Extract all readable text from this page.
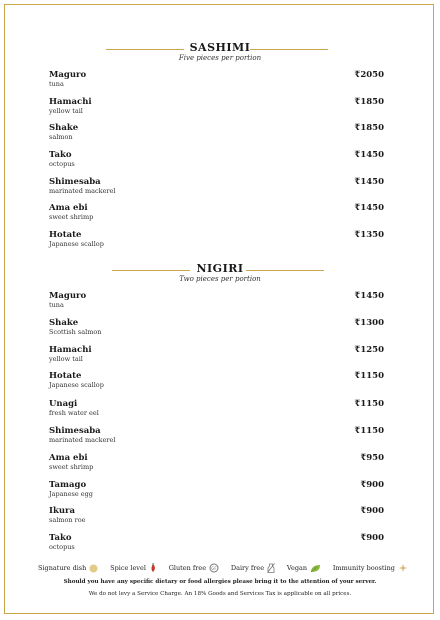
SASHIMI
Five pieces per portion
Maguro
tuna
₹2050
Hamachi
yellow tail
₹1850
Shake
salmon
₹1850
Tako
octopus
₹1450
Shimesaba
marinated mackerel
₹1450
Ama ebi
sweet shrimp
₹1450
Hotate
Japanese scallop
₹1350
NIGIRI
Two pieces per portion
Maguro
tuna
₹1450
Shake
Scottish salmon
₹1300
Hamachi
yellow tail
₹1250
Hotate
Japanese scallop
₹1150
Unagi
fresh water eel
₹1150
Shimesaba
marinated mackerel
₹1150
Ama ebi
sweet shrimp
₹950
Tamago
Japanese egg
₹900
Ikura
salmon roe
₹900
Tako
octopus
₹900
Signature dish	Spice level	Gluten free GF Dairy free	Vegan	Immunity boosting
Should you have any specific dietary or food allergies please bring it to the attention of your server.
We do not levy a Service Charge. An 18% Goods and Services Tax is applicable on all prices.
